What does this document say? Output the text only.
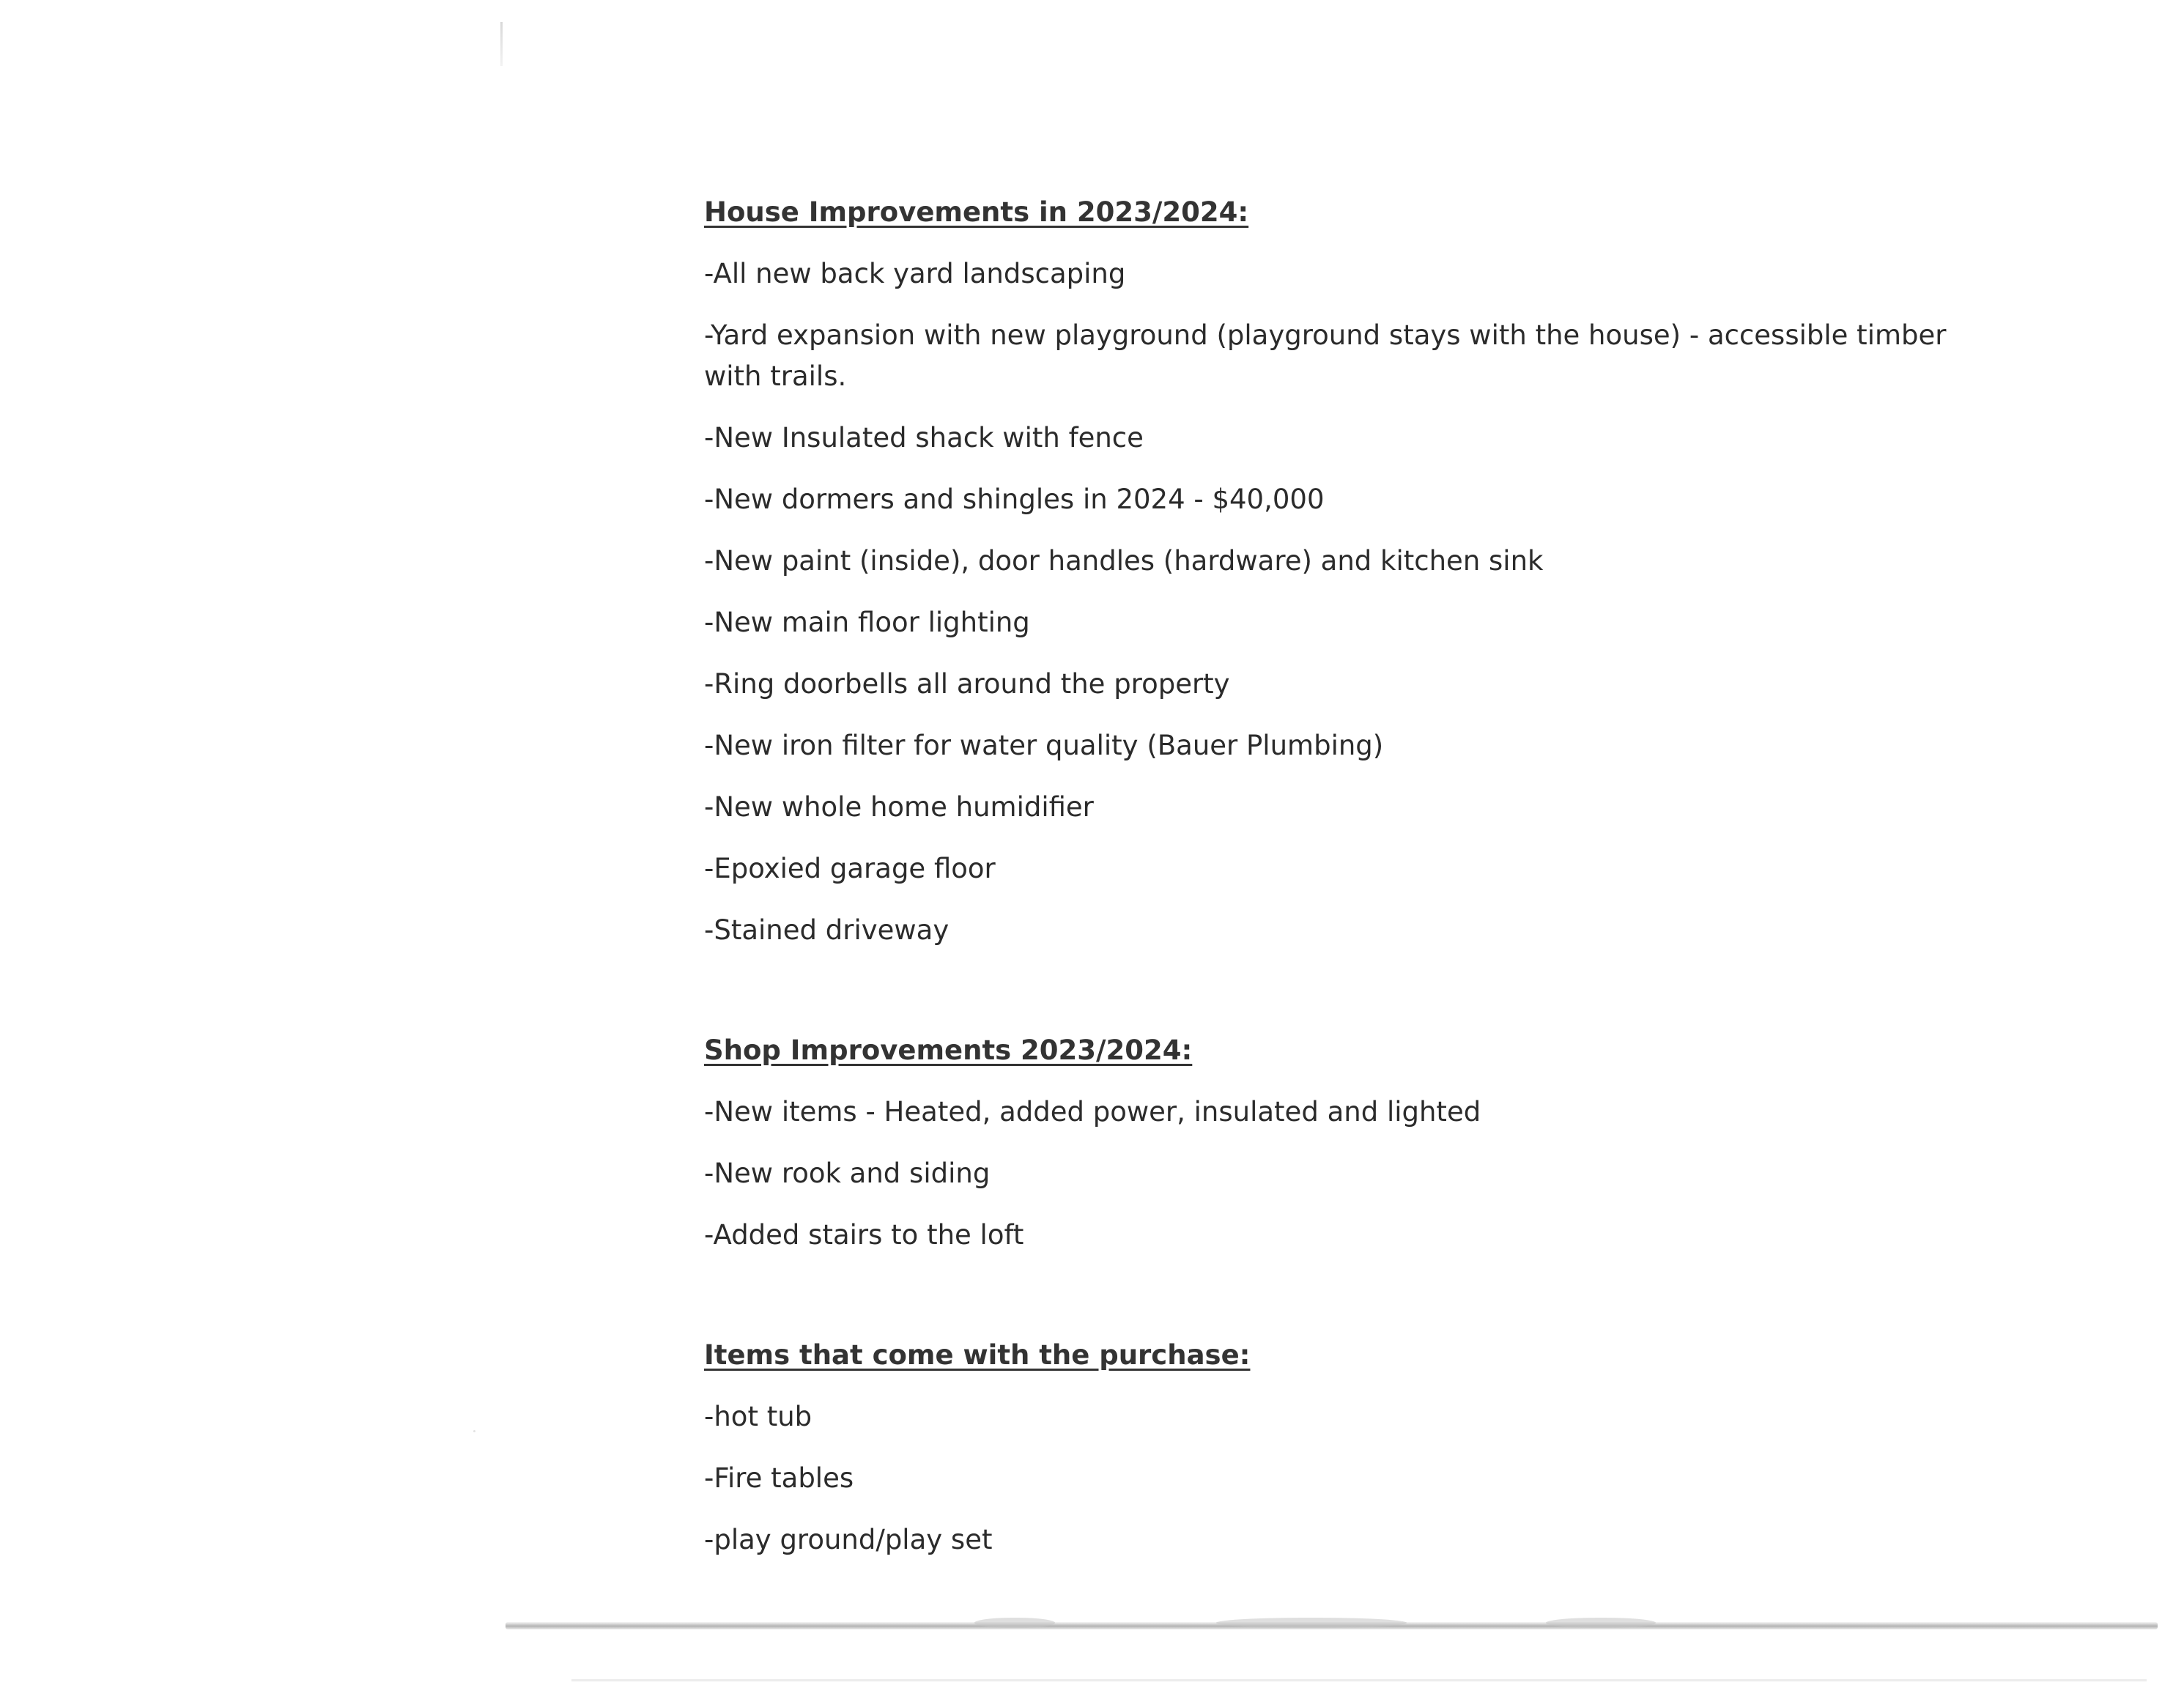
House Improvements in 2023/2024:

-All new back yard landscaping

-Yard expansion with new playground (playground stays with the house) - accessible timber with trails.

-New Insulated shack with fence

-New dormers and shingles in 2024 - $40,000

-New paint (inside), door handles (hardware) and kitchen sink

-New main floor lighting

-Ring doorbells all around the property

-New iron filter for water quality (Bauer Plumbing)

-New whole home humidifier

-Epoxied garage floor

-Stained driveway

Shop Improvements 2023/2024:

-New items - Heated, added power, insulated and lighted

-New rook and siding

-Added stairs to the loft

Items that come with the purchase:

-hot tub

-Fire tables

-play ground/play set
